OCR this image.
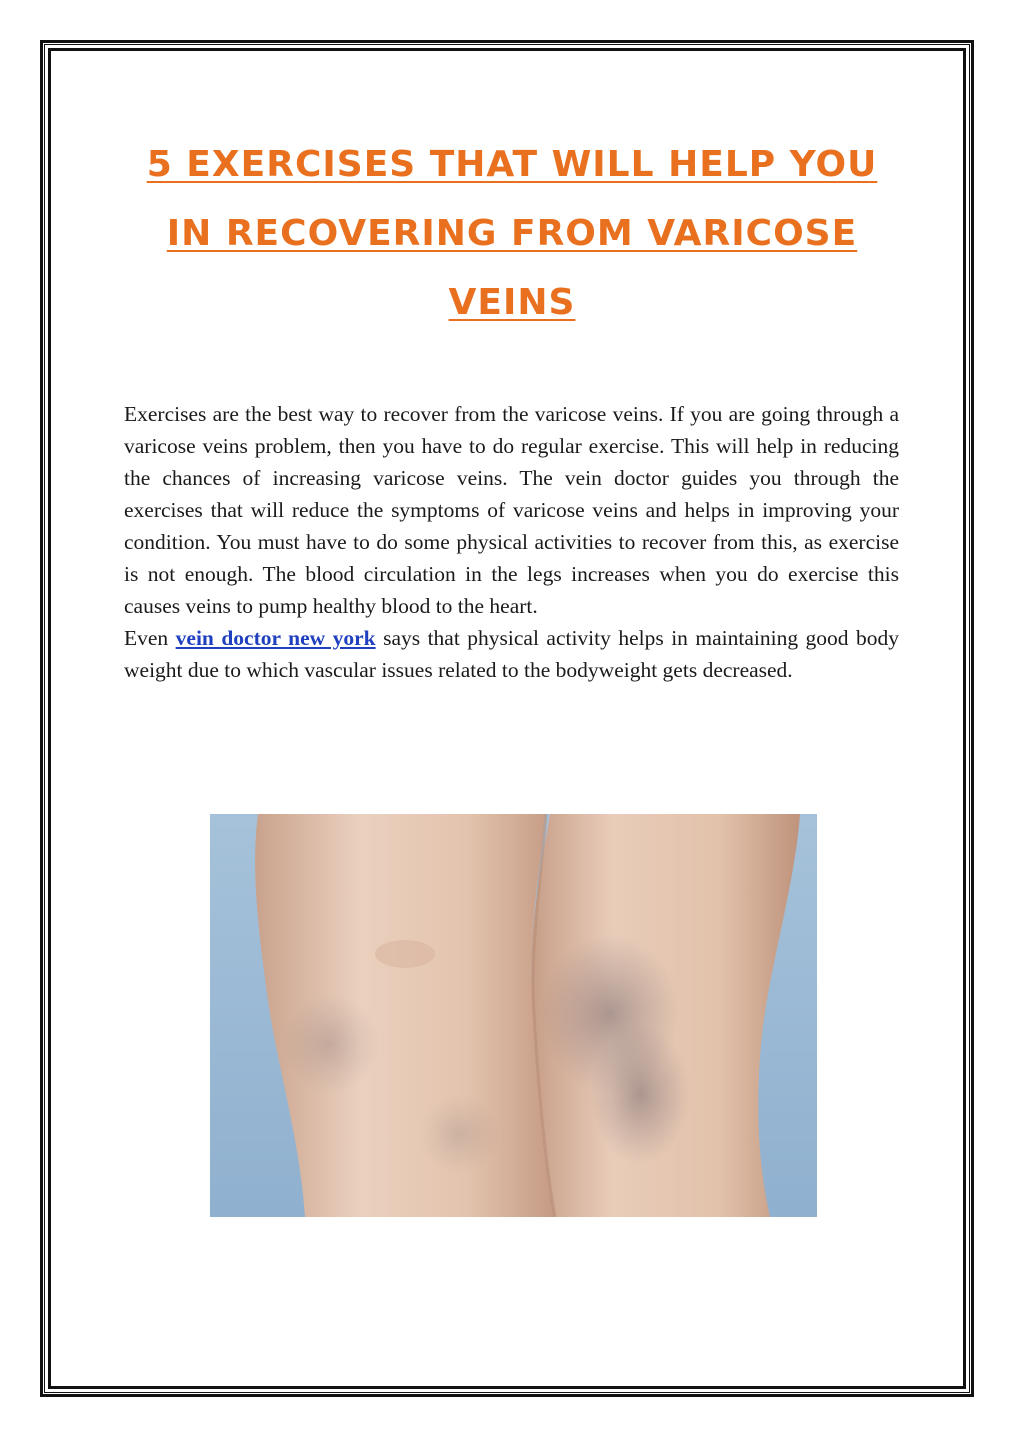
5 EXERCISES THAT WILL HELP YOU IN RECOVERING FROM VARICOSE VEINS

Exercises are the best way to recover from the varicose veins. If you are going through a varicose veins problem, then you have to do regular exercise. This will help in reducing the chances of increasing varicose veins. The vein doctor guides you through the exercises that will reduce the symptoms of varicose veins and helps in improving your condition. You must have to do some physical activities to recover from this, as exercise is not enough. The blood circulation in the legs increases when you do exercise this causes veins to pump healthy blood to the heart.

Even vein doctor new york says that physical activity helps in maintaining good body weight due to which vascular issues related to the bodyweight gets decreased.
